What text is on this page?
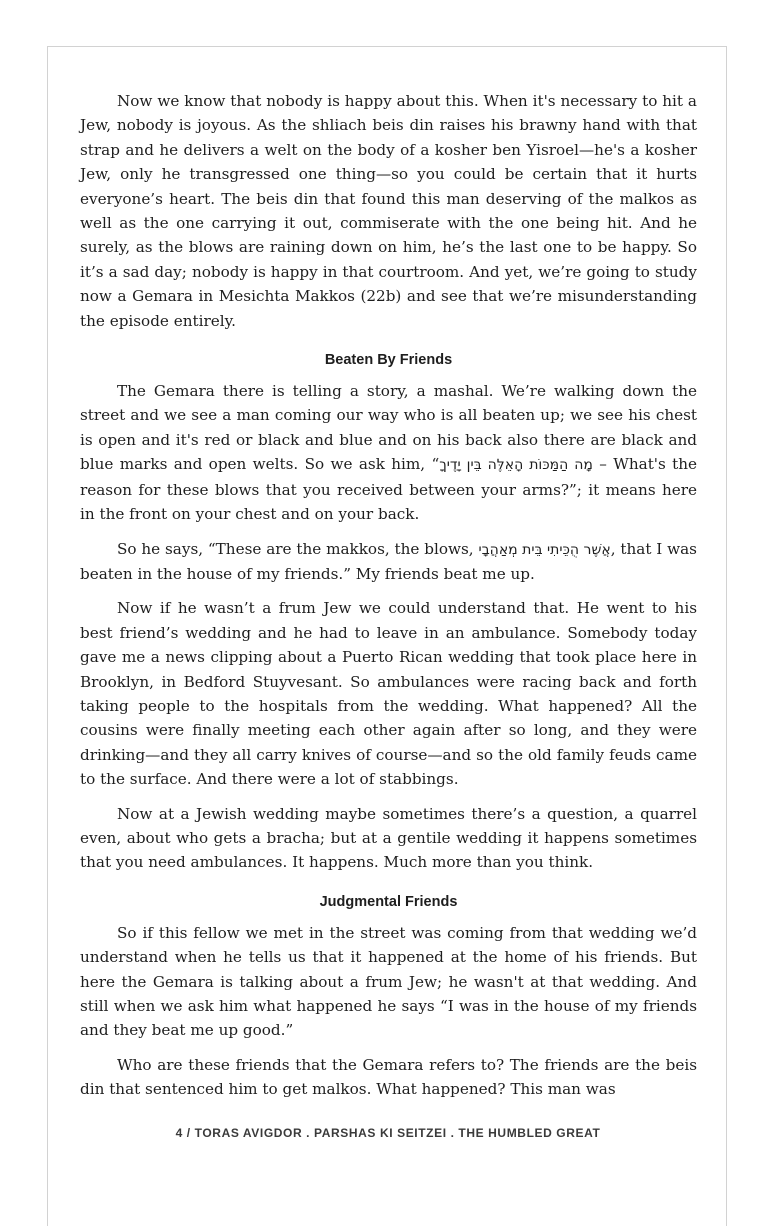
Now we know that nobody is happy about this. When it's necessary to hit a Jew, nobody is joyous. As the shliach beis din raises his brawny hand with that strap and he delivers a welt on the body of a kosher ben Yisroel—he's a kosher Jew, only he transgressed one thing—so you could be certain that it hurts everyone’s heart. The beis din that found this man deserving of the malkos as well as the one carrying it out, commiserate with the one being hit. And he surely, as the blows are raining down on him, he’s the last one to be happy. So it’s a sad day; nobody is happy in that courtroom. And yet, we’re going to study now a Gemara in Mesichta Makkos (22b) and see that we’re misunderstanding the episode entirely.

Beaten By Friends

The Gemara there is telling a story, a mashal. We’re walking down the street and we see a man coming our way who is all beaten up; we see his chest is open and it's red or black and blue and on his back also there are black and blue marks and open welts. So we ask him, “מָה הַמַּכּוֹת הָאֵלֶּה בֵּין יָדֶיךָ – What's the reason for these blows that you received between your arms?”; it means here in the front on your chest and on your back.

So he says, “These are the makkos, the blows, אֲשֶׁר הֻכֵּיתִי בֵּית מְאַהֲבָי, that I was beaten in the house of my friends.” My friends beat me up.

Now if he wasn’t a frum Jew we could understand that. He went to his best friend’s wedding and he had to leave in an ambulance. Somebody today gave me a news clipping about a Puerto Rican wedding that took place here in Brooklyn, in Bedford Stuyvesant. So ambulances were racing back and forth taking people to the hospitals from the wedding. What happened? All the cousins were finally meeting each other again after so long, and they were drinking—and they all carry knives of course—and so the old family feuds came to the surface. And there were a lot of stabbings.

Now at a Jewish wedding maybe sometimes there’s a question, a quarrel even, about who gets a bracha; but at a gentile wedding it happens sometimes that you need ambulances. It happens. Much more than you think.

Judgmental Friends

So if this fellow we met in the street was coming from that wedding we’d understand when he tells us that it happened at the home of his friends. But here the Gemara is talking about a frum Jew; he wasn't at that wedding. And still when we ask him what happened he says “I was in the house of my friends and they beat me up good.”

Who are these friends that the Gemara refers to? The friends are the beis din that sentenced him to get malkos. What happened? This man was

4 / TORAS AVIGDOR . PARSHAS KI SEITZEI . THE HUMBLED GREAT
